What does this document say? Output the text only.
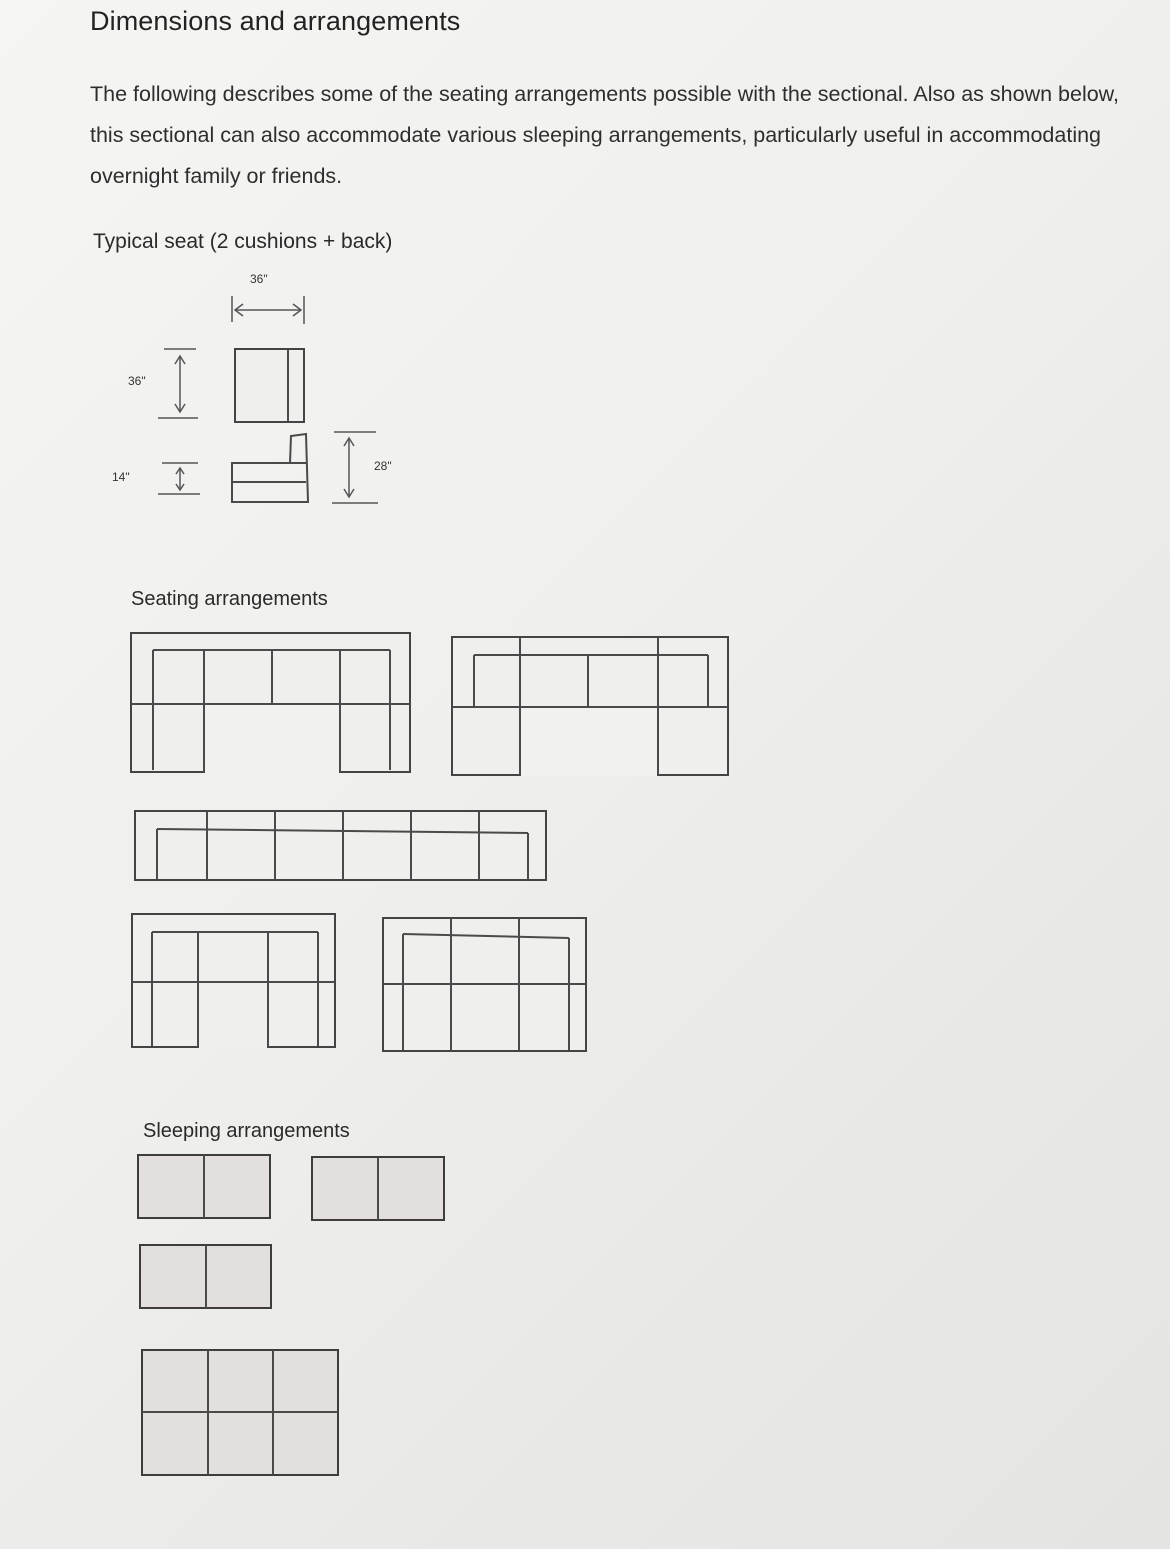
Dimensions and arrangements

The following describes some of the seating arrangements possible with the sectional. Also as shown below, this sectional can also accommodate various sleeping arrangements, particularly useful in accommodating overnight family or friends.

Typical seat (2 cushions + back)

36"
36"
14"
28"

Seating arrangements

Sleeping arrangements
